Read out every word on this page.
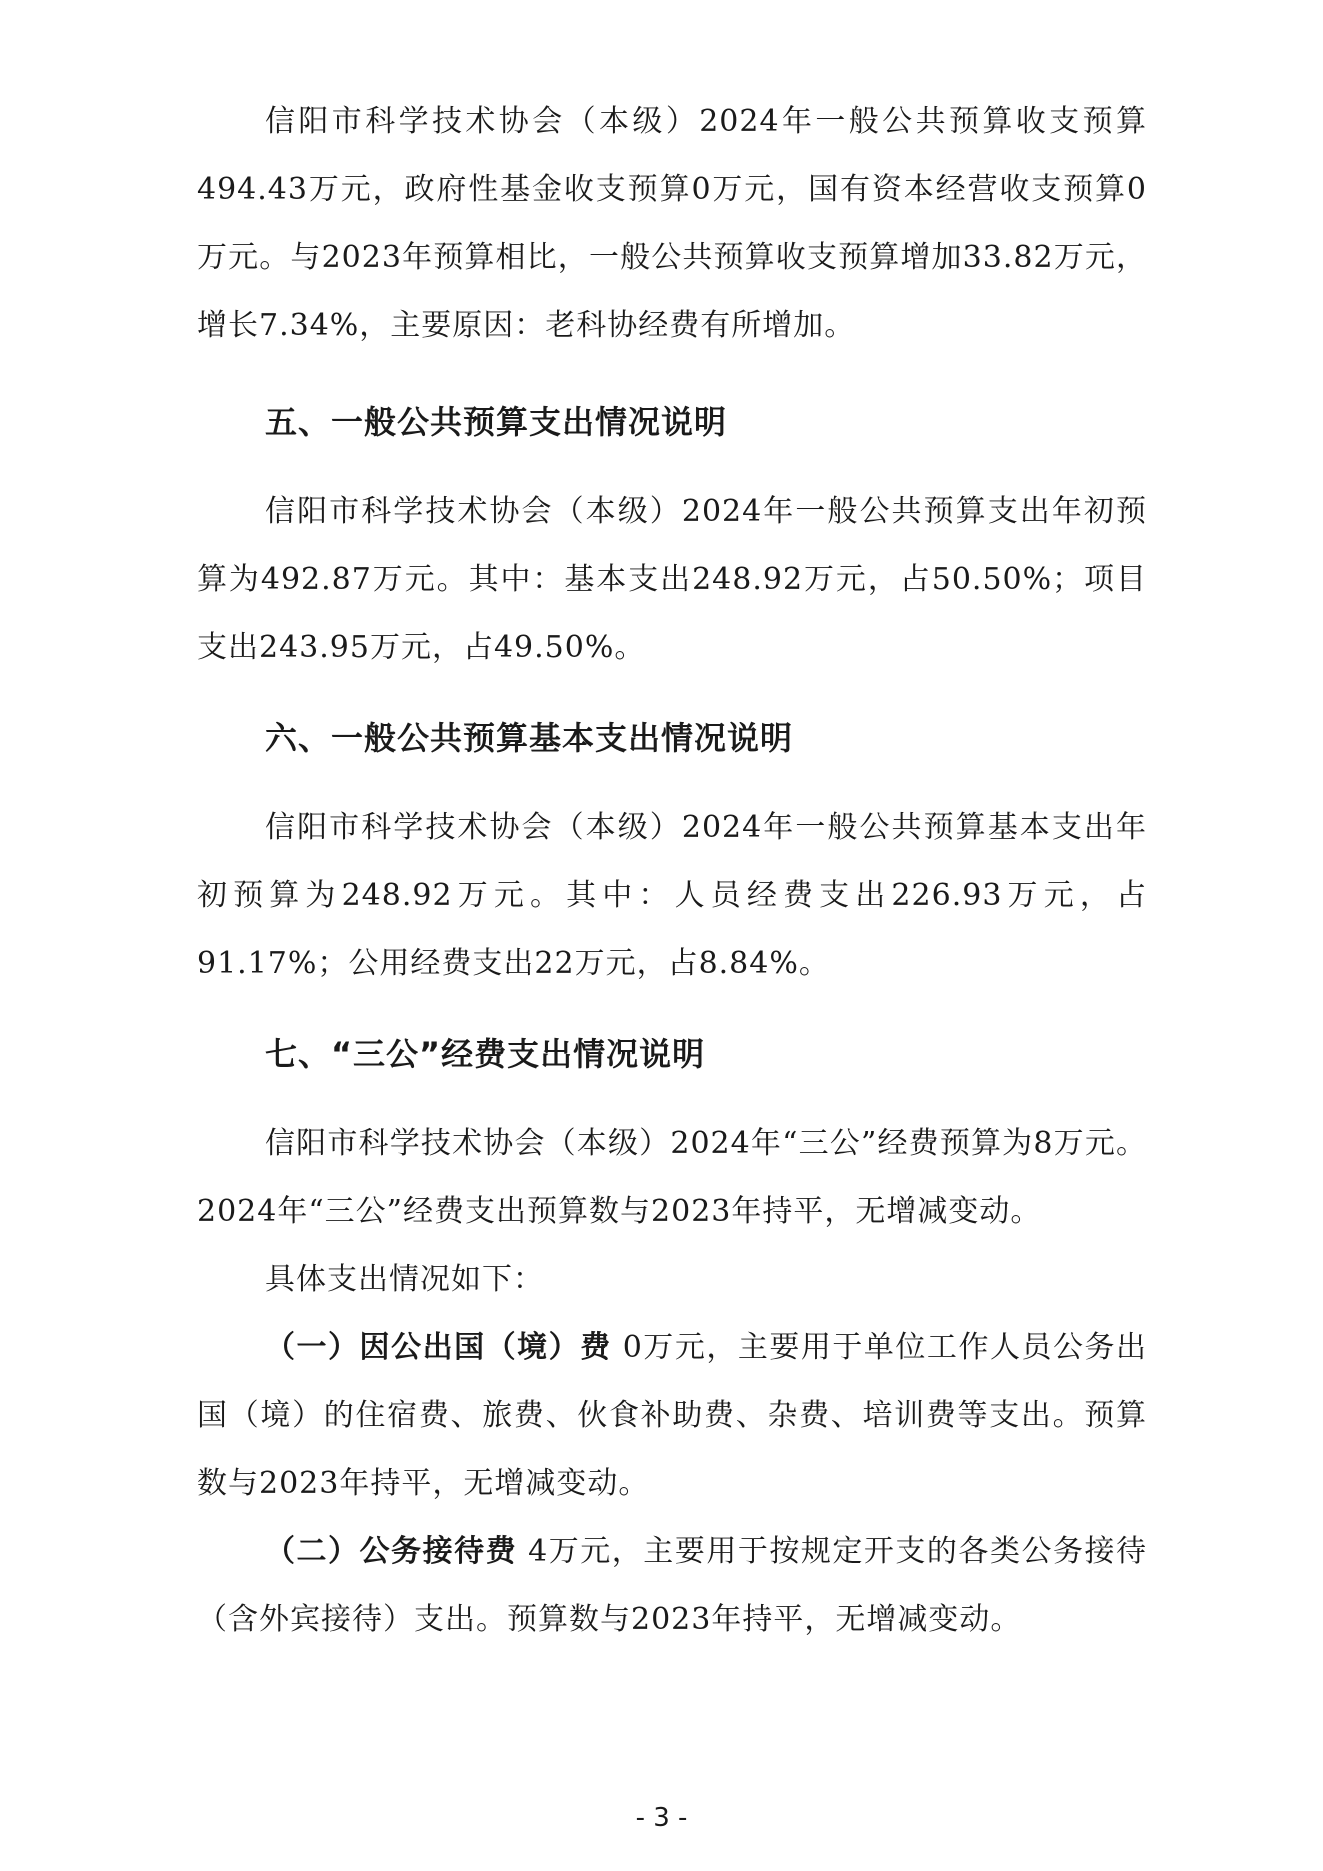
信阳市科学技术协会（本级）2024年一般公共预算收支预算494.43万元，政府性基金收支预算0万元，国有资本经营收支预算0万元。与2023年预算相比，一般公共预算收支预算增加33.82万元，增长7.34%，主要原因：老科协经费有所增加。

五、一般公共预算支出情况说明

信阳市科学技术协会（本级）2024年一般公共预算支出年初预算为492.87万元。其中：基本支出248.92万元，占50.50%；项目支出243.95万元，占49.50%。

六、一般公共预算基本支出情况说明

信阳市科学技术协会（本级）2024年一般公共预算基本支出年初预算为248.92万元。其中：人员经费支出226.93万元，占91.17%；公用经费支出22万元，占8.84%。

七、“三公”经费支出情况说明

信阳市科学技术协会（本级）2024年“三公”经费预算为8万元。2024年“三公”经费支出预算数与2023年持平，无增减变动。

具体支出情况如下：

（一）因公出国（境）费 0万元，主要用于单位工作人员公务出国（境）的住宿费、旅费、伙食补助费、杂费、培训费等支出。预算数与2023年持平，无增减变动。

（二）公务接待费 4万元，主要用于按规定开支的各类公务接待（含外宾接待）支出。预算数与2023年持平，无增减变动。

- 3 -
